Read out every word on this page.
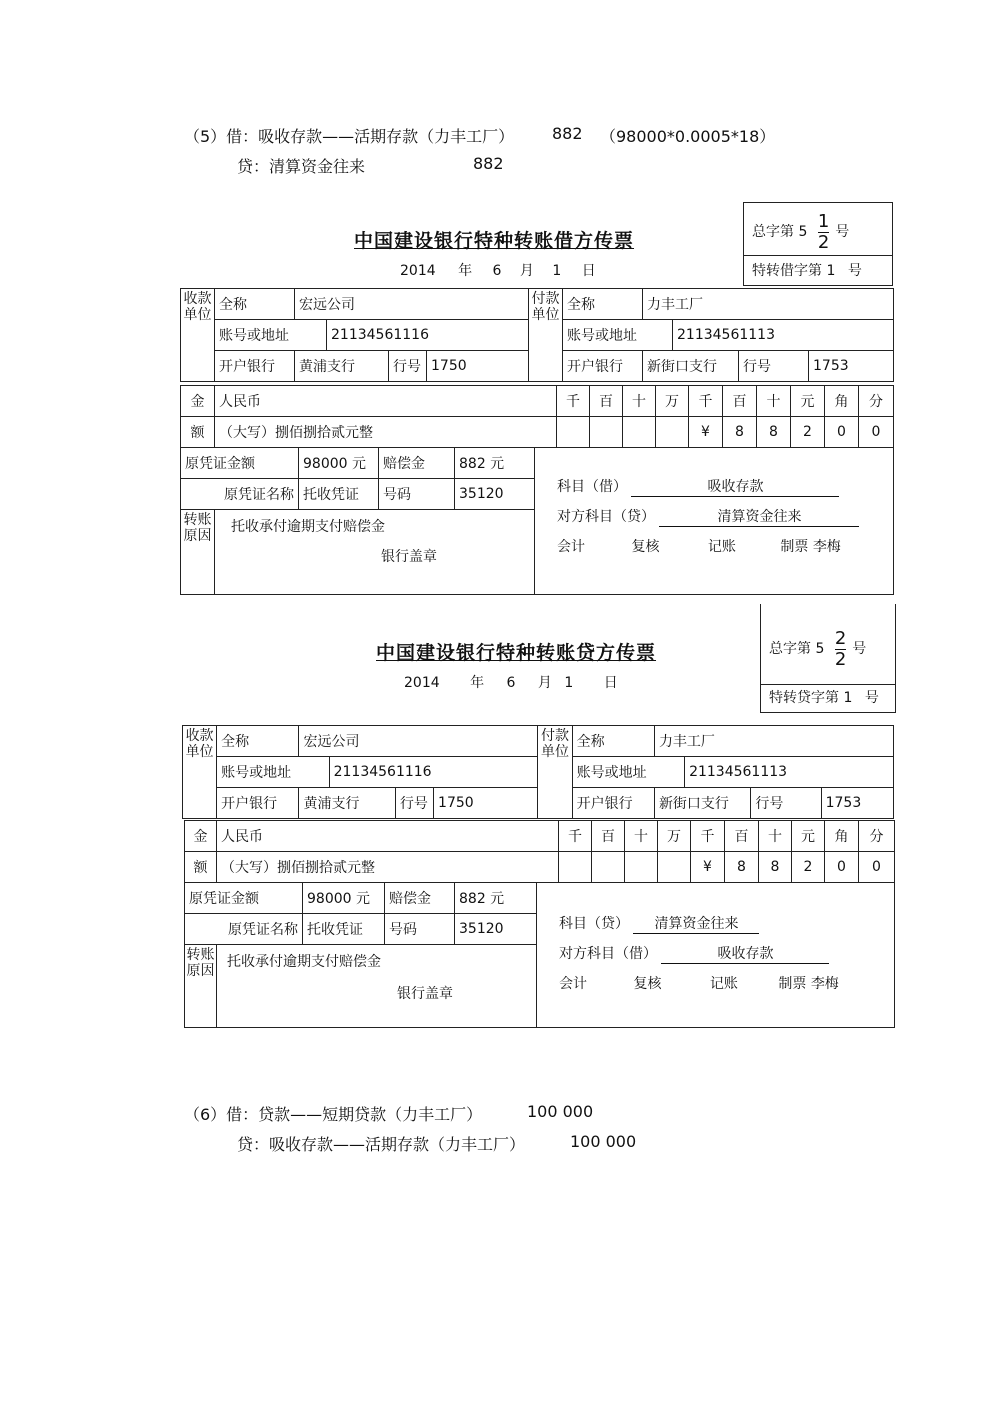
（5）借：吸收存款——活期存款（力丰工厂） 882 （98000*0.0005*18）
贷：清算资金往来	882
中国建设银行特种转账借方传票
2014 年 6 月 1 日
总字第 $5 \frac{1}{2}$ 号
特转借字第 1 号
收款单位	全称	宏远公司				付款单位	全称	力丰工厂			
	账号或地址		21134561116				账号或地址		21134561113		
	开户银行	黄浦支行		行号	1750		开户银行	新街口支行		行号	1753
金	人民币	千	百	十	万	千	百	十	元	角	分
额	（大写）捌佰捌拾贰元整					¥	8	8	2	0	0
原凭证金额		98000 元	赔偿金	882 元	科目（借） 吸收存款
对方科目（贷） 清算资金往来
会计 复核 记账 制票 李梅

原凭证名称		托收凭证	号码	35120	
转账原因	托收承付逾期支付赔偿金
银行盖章				
中国建设银行特种转账贷方传票
2014 年 6 月 1 日
总字第 $5 \frac{2}{2}$ 号
特转贷字第 1 号
收款单位	全称	宏远公司				付款单位	全称	力丰工厂			
	账号或地址		21134561116				账号或地址		21134561113		
	开户银行	黄浦支行		行号	1750		开户银行	新街口支行		行号	1753
金	人民币	千	百	十	万	千	百	十	元	角	分
额	（大写）捌佰捌拾贰元整					¥	8	8	2	0	0
原凭证金额		98000 元	赔偿金	882 元	科目（贷） 清算资金往来
对方科目（借） 吸收存款
会计 复核 记账 制票 李梅

原凭证名称		托收凭证	号码	35120	
转账原因	托收承付逾期支付赔偿金
银行盖章				
（6）借：贷款——短期贷款（力丰工厂）	100 000
贷：吸收存款——活期存款（力丰工厂）	100 000
